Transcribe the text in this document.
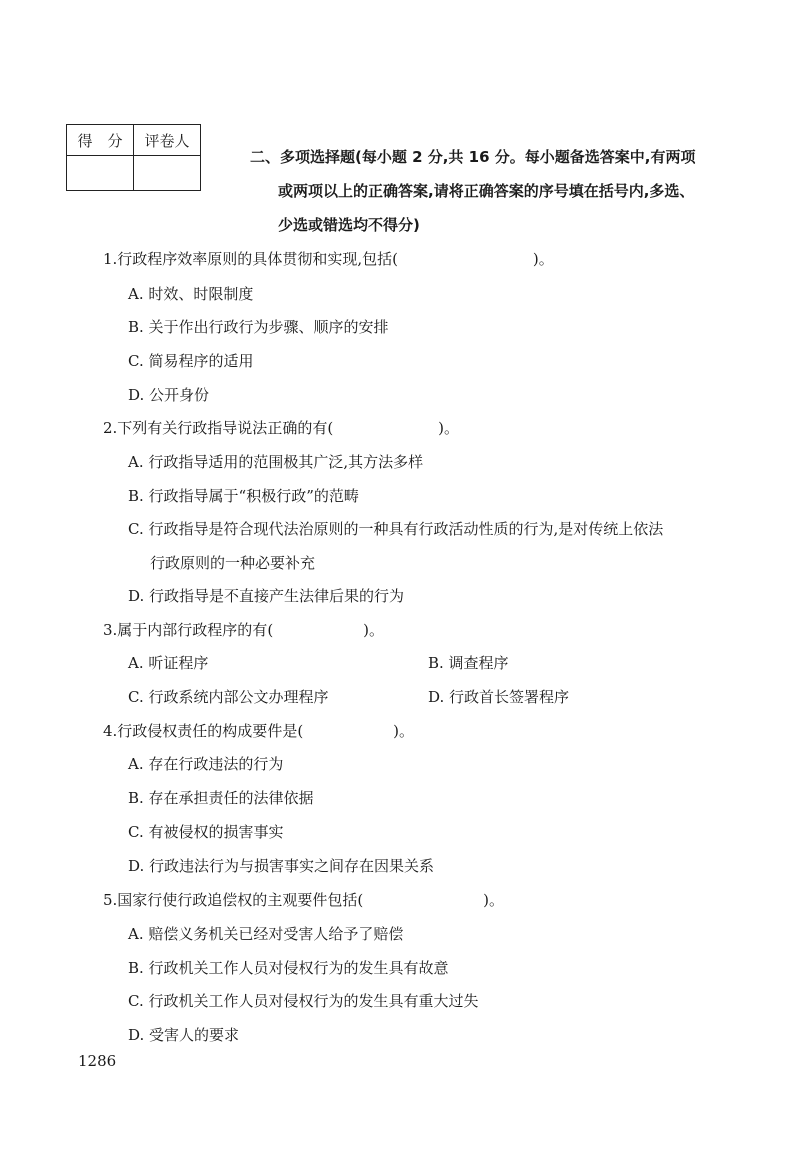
得　分	评卷人

二、多项选择题(每小题 2 分,共 16 分。每小题备选答案中,有两项
或两项以上的正确答案,请将正确答案的序号填在括号内,多选、
少选或错选均不得分)
1.行政程序效率原则的具体贯彻和实现,包括(　　　　　　　　　)。
A. 时效、时限制度
B. 关于作出行政行为步骤、顺序的安排
C. 简易程序的适用
D. 公开身份
2.下列有关行政指导说法正确的有(　　　　　　　)。
A. 行政指导适用的范围极其广泛,其方法多样
B. 行政指导属于“积极行政”的范畴
C. 行政指导是符合现代法治原则的一种具有行政活动性质的行为,是对传统上依法
行政原则的一种必要补充
D. 行政指导是不直接产生法律后果的行为
3.属于内部行政程序的有(　　　　　　)。
A. 听证程序	B. 调查程序
C. 行政系统内部公文办理程序	D. 行政首长签署程序
4.行政侵权责任的构成要件是(　　　　　　)。
A. 存在行政违法的行为
B. 存在承担责任的法律依据
C. 有被侵权的损害事实
D. 行政违法行为与损害事实之间存在因果关系
5.国家行使行政追偿权的主观要件包括(　　　　　　　　)。
A. 赔偿义务机关已经对受害人给予了赔偿
B. 行政机关工作人员对侵权行为的发生具有故意
C. 行政机关工作人员对侵权行为的发生具有重大过失
D. 受害人的要求
1286
